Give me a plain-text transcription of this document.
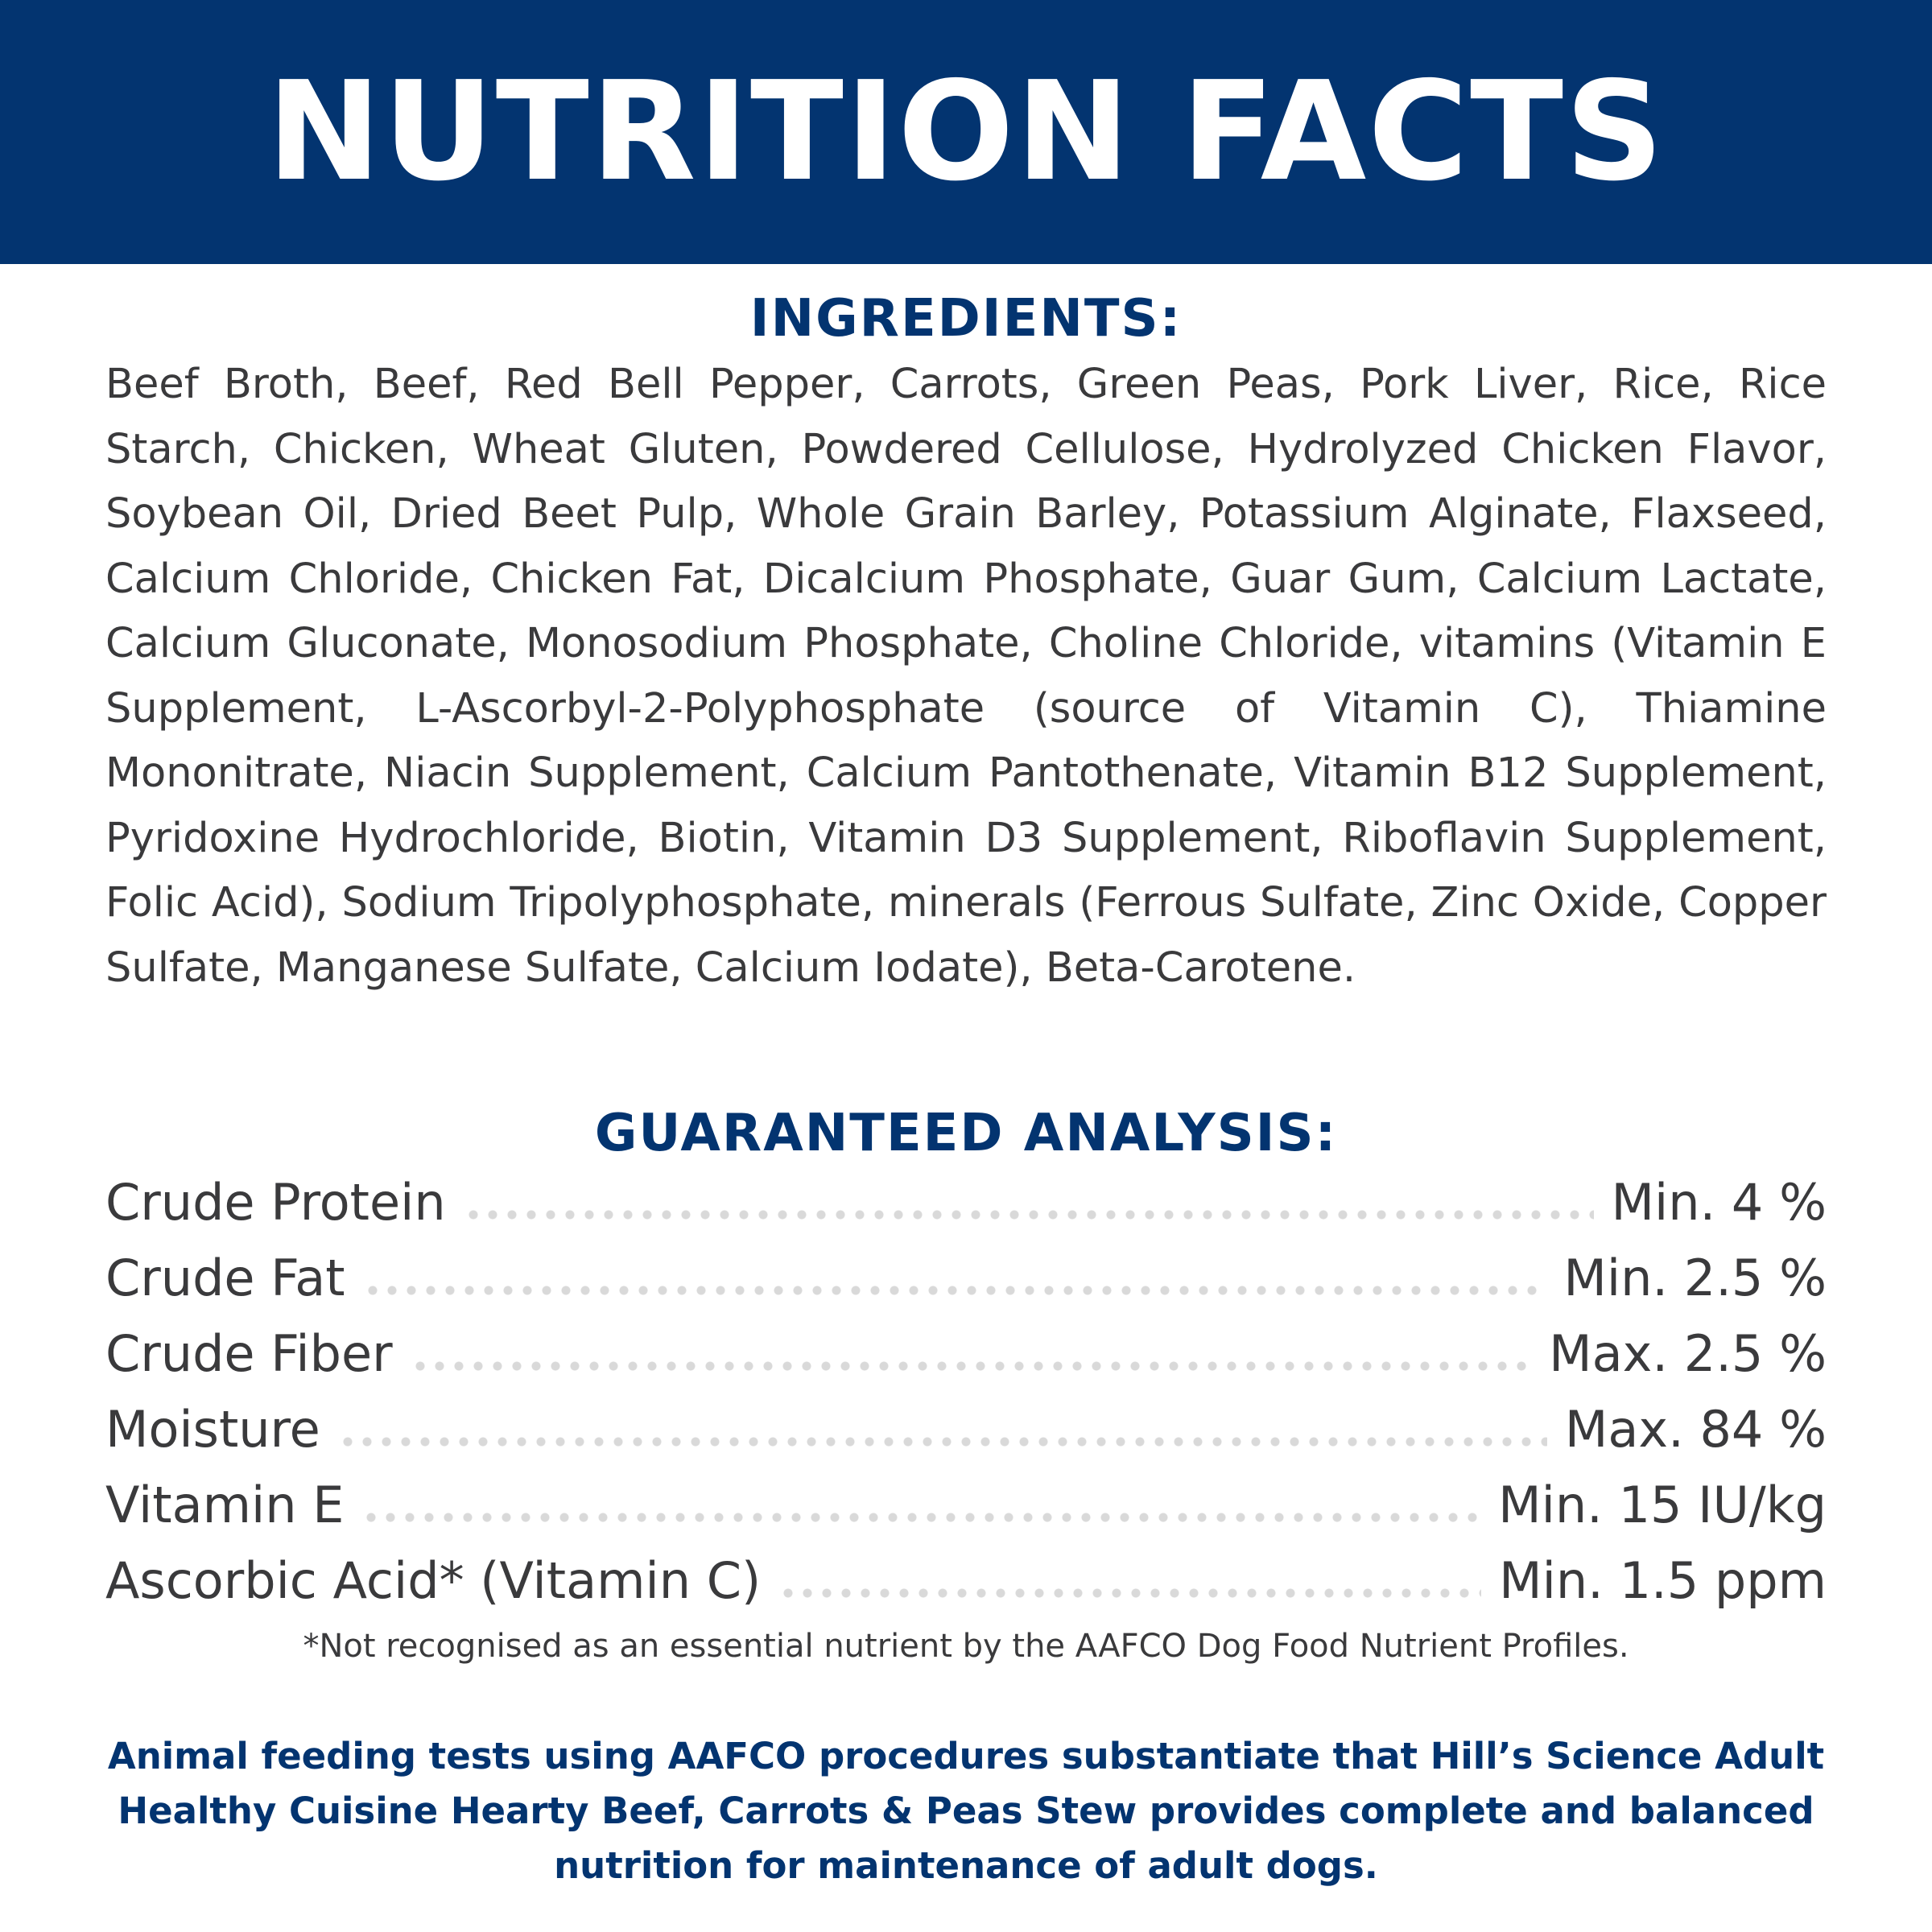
NUTRITION FACTS
INGREDIENTS:

Beef Broth, Beef, Red Bell Pepper, Carrots, Green Peas, Pork Liver, Rice, Rice Starch, Chicken, Wheat Gluten, Powdered Cellulose, Hydrolyzed Chicken Flavor, Soybean Oil, Dried Beet Pulp, Whole Grain Barley, Potassium Alginate, Flaxseed, Calcium Chloride, Chicken Fat, Dicalcium Phosphate, Guar Gum, Calcium Lactate, Calcium Gluconate, Monosodium Phosphate, Choline Chloride, vitamins (Vitamin E Supplement, L-Ascorbyl-2-Polyphosphate (source of Vitamin C), Thiamine Mononitrate, Niacin Supplement, Calcium Pantothenate, Vitamin B12 Supplement, Pyridoxine Hydrochloride, Biotin, Vitamin D3 Supplement, Riboflavin Supplement, Folic Acid), Sodium Tripolyphosphate, minerals (Ferrous Sulfate, Zinc Oxide, Copper Sulfate, Manganese Sulfate, Calcium Iodate), Beta-Carotene.

GUARANTEED ANALYSIS:
Crude Protein	Min. 4 %
Crude Fat	Min. 2.5 %
Crude Fiber	Max. 2.5 %
Moisture	Max. 84 %
Vitamin E	Min. 15 IU/kg
Ascorbic Acid* (Vitamin C)	Min. 1.5 ppm
*Not recognised as an essential nutrient by the AAFCO Dog Food Nutrient Profiles.

Animal feeding tests using AAFCO procedures substantiate that Hill’s Science Adult Healthy Cuisine Hearty Beef, Carrots & Peas Stew provides complete and balanced nutrition for maintenance of adult dogs.
